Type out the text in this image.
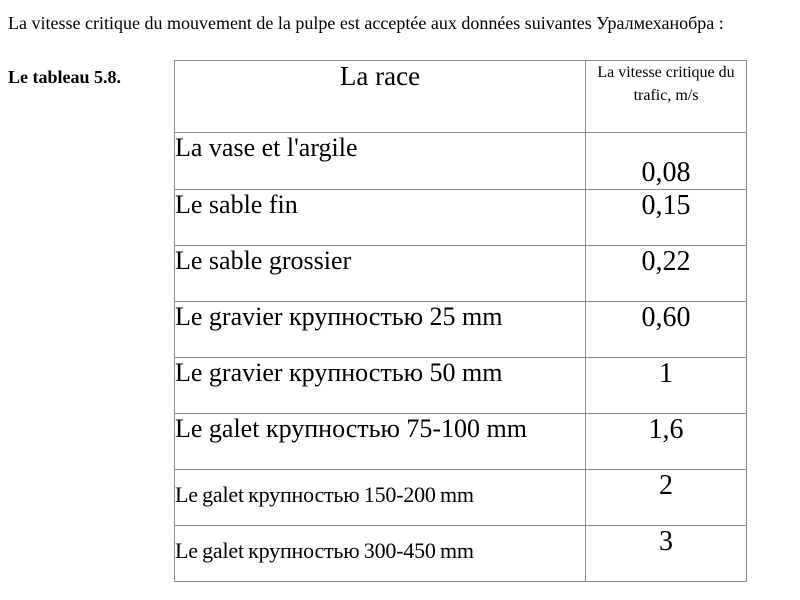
La vitesse critique du mouvement de la pulpe est acceptée aux données suivantes Уралмеханобра :

Le tableau 5.8.	La race	La vitesse critique du trafic, m/s

La vase et l'argile	0,08

Le sable fin	0,15

Le sable grossier	0,22

Le gravier крупностью 25 mm	0,60

Le gravier крупностью 50 mm	1

Le galet крупностью 75-100 mm	1,6

Le galet крупностью 150-200 mm	2

Le galet крупностью 300-450 mm	3
